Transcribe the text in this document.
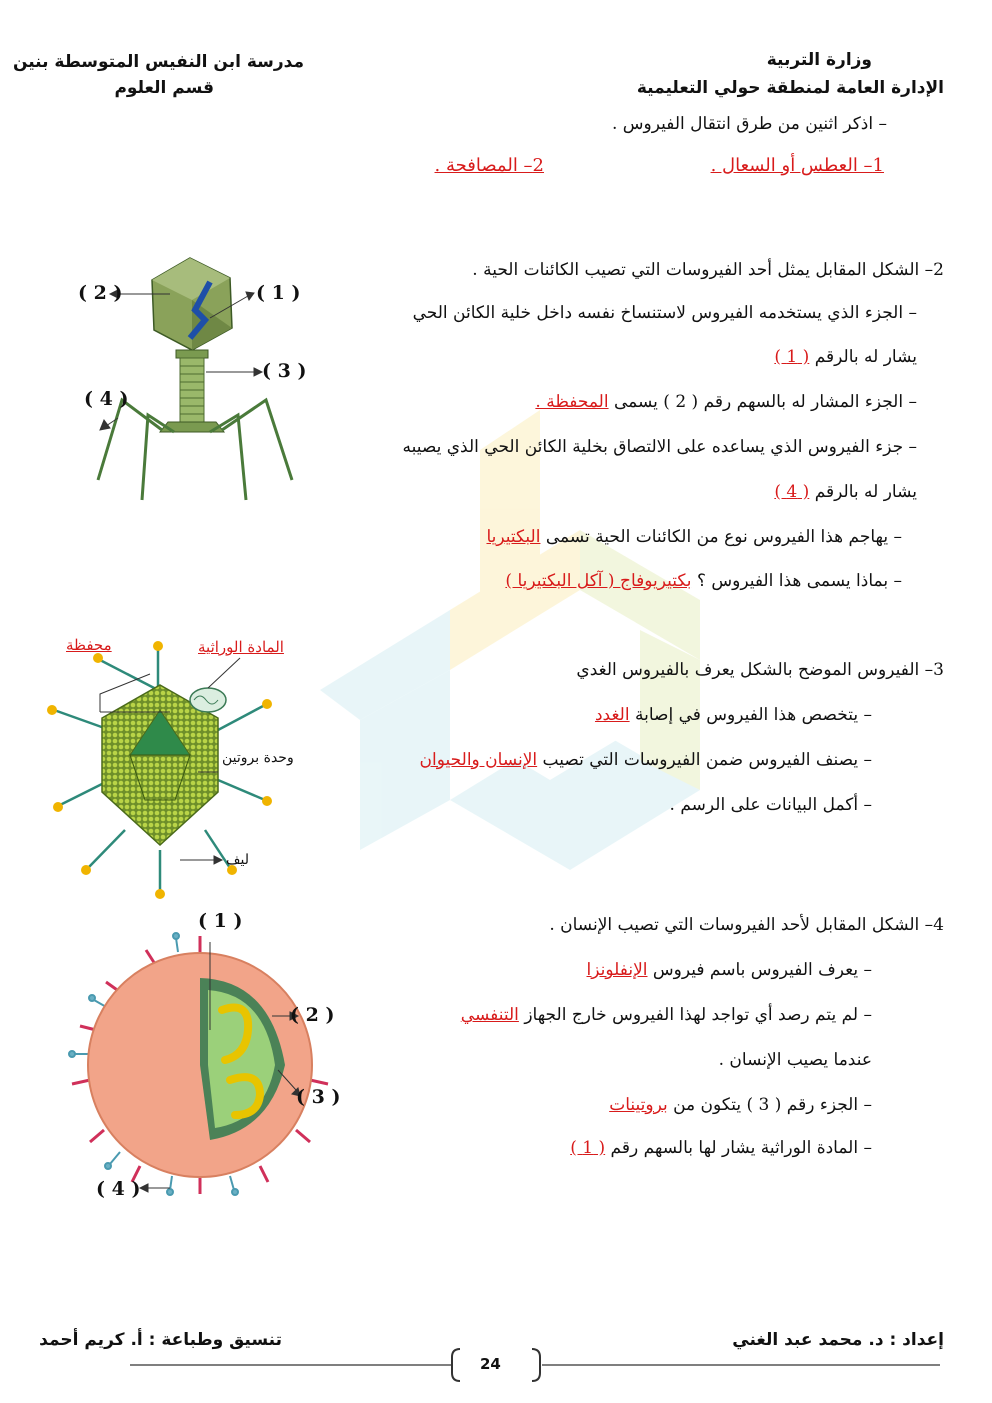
وزارة التربية
الإدارة العامة لمنطقة حولي التعليمية
مدرسة ابن النفيس المتوسطة بنين
قسم العلوم
– اذكر اثنين من طرق انتقال الفيروس .
1– العطس أو السعال .
2– المصافحة .
2– الشكل المقابل يمثل أحد الفيروسات التي تصيب الكائنات الحية .
– الجزء الذي يستخدمه الفيروس لاستنساخ نفسه داخل خلية الكائن الحي
يشار له بالرقم ( 1 )
– الجزء المشار له بالسهم رقم ( 2 ) يسمى المحفظة .
– جزء الفيروس الذي يساعده على الالتصاق بخلية الكائن الحي الذي يصيبه
يشار له بالرقم ( 4 )
– يهاجم هذا الفيروس نوع من الكائنات الحية تسمى البكتيريا
– بماذا يسمى هذا الفيروس ؟ بكتيريوفاج ( آكل البكتيريا )
( 2 )	( 1 )
( 3 )
( 4 )
3– الفيروس الموضح بالشكل يعرف بالفيروس الغدي
– يتخصص هذا الفيروس في إصابة الغدد
– يصنف الفيروس ضمن الفيروسات التي تصيب الإنسان والحيوان
– أكمل البيانات على الرسم .
محفظة	المادة الوراثية
وحدة بروتين
ليف
4– الشكل المقابل لأحد الفيروسات التي تصيب الإنسان .
– يعرف الفيروس باسم فيروس الإنفلونزا
– لم يتم رصد أي تواجد لهذا الفيروس خارج الجهاز التنفسي
عندما يصيب الإنسان .
– الجزء رقم ( 3 ) يتكون من بروتينات
– المادة الوراثية يشار لها بالسهم رقم ( 1 )
( 1 )
( 2 )
( 3 )
( 4 )
إعداد : د. محمد عبد الغني
تنسيق وطباعة : أ. كريم أحمد
24
